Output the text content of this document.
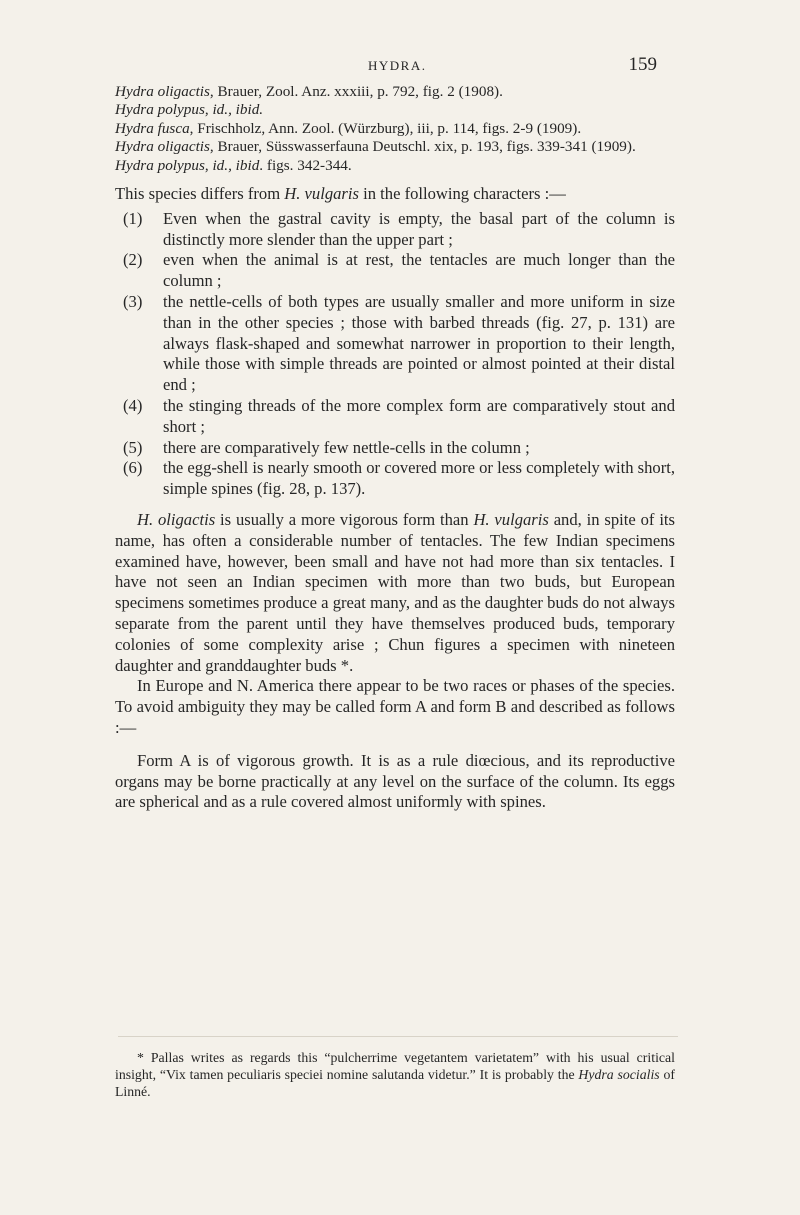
HYDRA.	159
Hydra oligactis, Brauer, Zool. Anz. xxxiii, p. 792, fig. 2 (1908).
Hydra polypus, id., ibid.
Hydra fusca, Frischholz, Ann. Zool. (Würzburg), iii, p. 114, figs. 2-9 (1909).
Hydra oligactis, Brauer, Süsswasserfauna Deutschl. xix, p. 193, figs. 339-341 (1909).
Hydra polypus, id., ibid. figs. 342-344.
This species differs from H. vulgaris in the following characters :—
(1) Even when the gastral cavity is empty, the basal part of the column is distinctly more slender than the upper part ;
(2) even when the animal is at rest, the tentacles are much longer than the column ;
(3) the nettle-cells of both types are usually smaller and more uniform in size than in the other species ; those with barbed threads (fig. 27, p. 131) are always flask-shaped and somewhat narrower in proportion to their length, while those with simple threads are pointed or almost pointed at their distal end ;
(4) the stinging threads of the more complex form are comparatively stout and short ;
(5) there are comparatively few nettle-cells in the column ;
(6) the egg-shell is nearly smooth or covered more or less completely with short, simple spines (fig. 28, p. 137).
H. oligactis is usually a more vigorous form than H. vulgaris and, in spite of its name, has often a considerable number of tentacles. The few Indian specimens examined have, however, been small and have not had more than six tentacles. I have not seen an Indian specimen with more than two buds, but European specimens sometimes produce a great many, and as the daughter buds do not always separate from the parent until they have themselves produced buds, temporary colonies of some complexity arise ; Chun figures a specimen with nineteen daughter and granddaughter buds *.
In Europe and N. America there appear to be two races or phases of the species. To avoid ambiguity they may be called form A and form B and described as follows :—
Form A is of vigorous growth. It is as a rule diœcious, and its reproductive organs may be borne practically at any level on the surface of the column. Its eggs are spherical and as a rule covered almost uniformly with spines.
* Pallas writes as regards this “pulcherrime vegetantem varietatem” with his usual critical insight, “Vix tamen peculiaris speciei nomine salutanda videtur.” It is probably the Hydra socialis of Linné.
